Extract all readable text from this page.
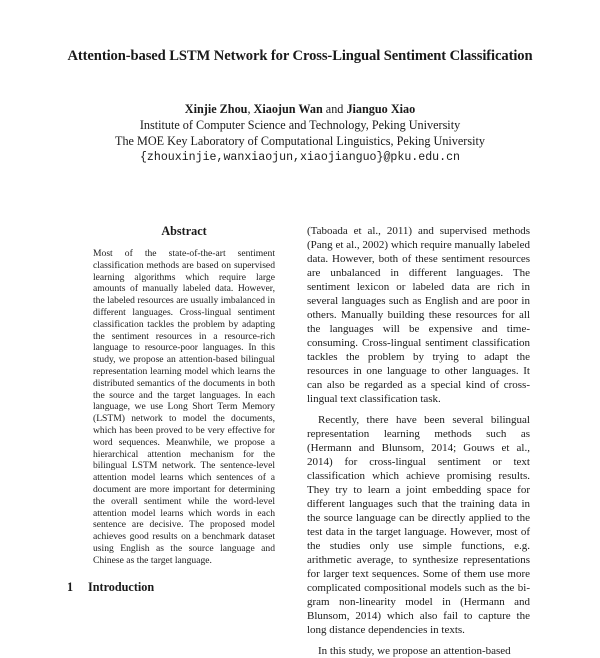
Attention-based LSTM Network for Cross-Lingual Sentiment Classification
Xinjie Zhou, Xiaojun Wan and Jianguo Xiao
Institute of Computer Science and Technology, Peking University
The MOE Key Laboratory of Computational Linguistics, Peking University
{zhouxinjie,wanxiaojun,xiaojianguo}@pku.edu.cn
Abstract
Most of the state-of-the-art sentiment classification methods are based on supervised learning algorithms which require large amounts of manually labeled data. However, the labeled resources are usually imbalanced in different languages. Cross-lingual sentiment classification tackles the problem by adapting the sentiment resources in a resource-rich language to resource-poor languages. In this study, we propose an attention-based bilingual representation learning model which learns the distributed semantics of the documents in both the source and the target languages. In each language, we use Long Short Term Memory (LSTM) network to model the documents, which has been proved to be very effective for word sequences. Meanwhile, we propose a hierarchical attention mechanism for the bilingual LSTM network. The sentence-level attention model learns which sentences of a document are more important for determining the overall sentiment while the word-level attention model learns which words in each sentence are decisive. The proposed model achieves good results on a benchmark dataset using English as the source language and Chinese as the target language.
1 Introduction

(Taboada et al., 2011) and supervised methods (Pang et al., 2002) which require manually labeled data. However, both of these sentiment resources are unbalanced in different languages. The sentiment lexicon or labeled data are rich in several languages such as English and are poor in others. Manually building these resources for all the languages will be expensive and time-consuming. Cross-lingual sentiment classification tackles the problem by trying to adapt the resources in one language to other languages. It can also be regarded as a special kind of cross-lingual text classification task.

Recently, there have been several bilingual representation learning methods such as (Hermann and Blunsom, 2014; Gouws et al., 2014) for cross-lingual sentiment or text classification which achieve promising results. They try to learn a joint embedding space for different languages such that the training data in the source language can be directly applied to the test data in the target language. However, most of the studies only use simple functions, e.g. arithmetic average, to synthesize representations for larger text sequences. Some of them use more complicated compositional models such as the bi-gram non-linearity model in (Hermann and Blunsom, 2014) which also fail to capture the long distance dependencies in texts.

In this study, we propose an attention-based
